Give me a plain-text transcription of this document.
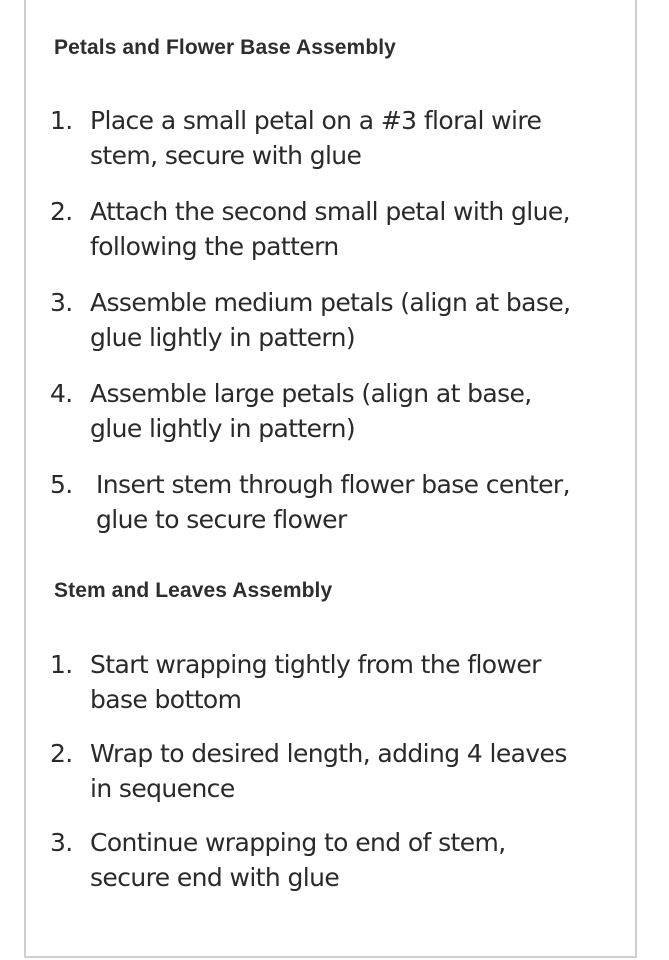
Petals and Flower Base Assembly
1. Place a small petal on a #3 floral wire
stem, secure with glue
2. Attach the second small petal with glue,
following the pattern
3. Assemble medium petals (align at base,
glue lightly in pattern)
4. Assemble large petals (align at base,
glue lightly in pattern)
5. Insert stem through flower base center,
glue to secure flower
Stem and Leaves Assembly
1. Start wrapping tightly from the flower
base bottom
2. Wrap to desired length, adding 4 leaves
in sequence
3. Continue wrapping to end of stem,
secure end with glue
